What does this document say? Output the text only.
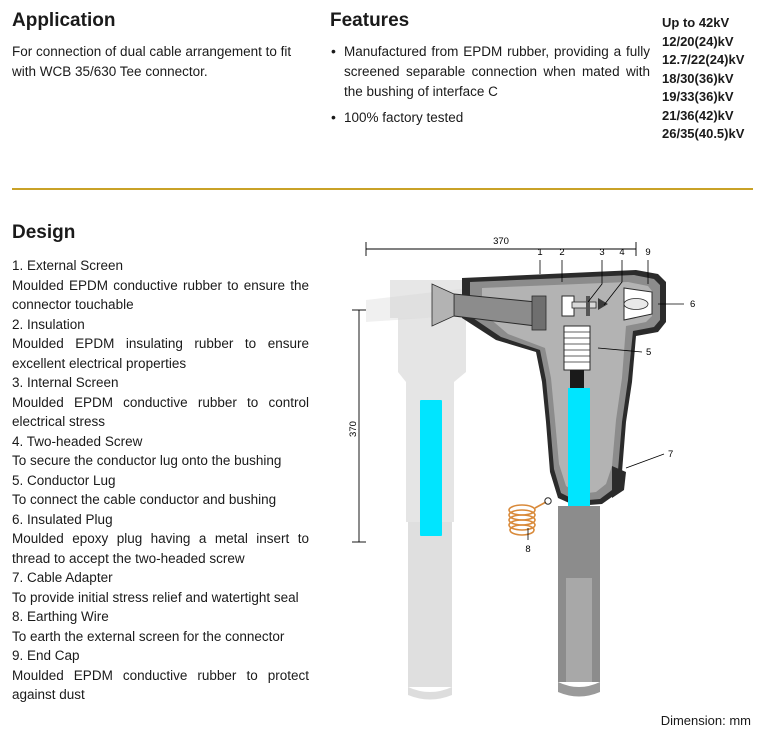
Application

For connection of dual cable arrangement to fit with WCB 35/630 Tee connector.

Features
• Manufactured from EPDM rubber, providing a fully screened separable connection when mated with the bushing of interface C
• 100% factory tested
Up to 42kV
12/20(24)kV
12.7/22(24)kV
18/30(36)kV
19/33(36)kV
21/36(42)kV
26/35(40.5)kV
Design

1. External Screen

Moulded EPDM conductive rubber to ensure the connector touchable

2. Insulation

Moulded EPDM insulating rubber to ensure excellent electrical properties

3. Internal Screen

Moulded EPDM conductive rubber to control electrical stress

4. Two-headed Screw

To secure the conductor lug onto the bushing

5. Conductor Lug

To connect the cable conductor and bushing

6. Insulated Plug

Moulded epoxy plug having a metal insert to thread to accept the two-headed screw

7. Cable Adapter

To provide initial stress relief and watertight seal

8. Earthing Wire

To earth the external screen for the connector

9. End Cap

Moulded EPDM conductive rubber to protect against dust

370
370
1 2	3 4 9
6
5
7
8
Dimension: mm
